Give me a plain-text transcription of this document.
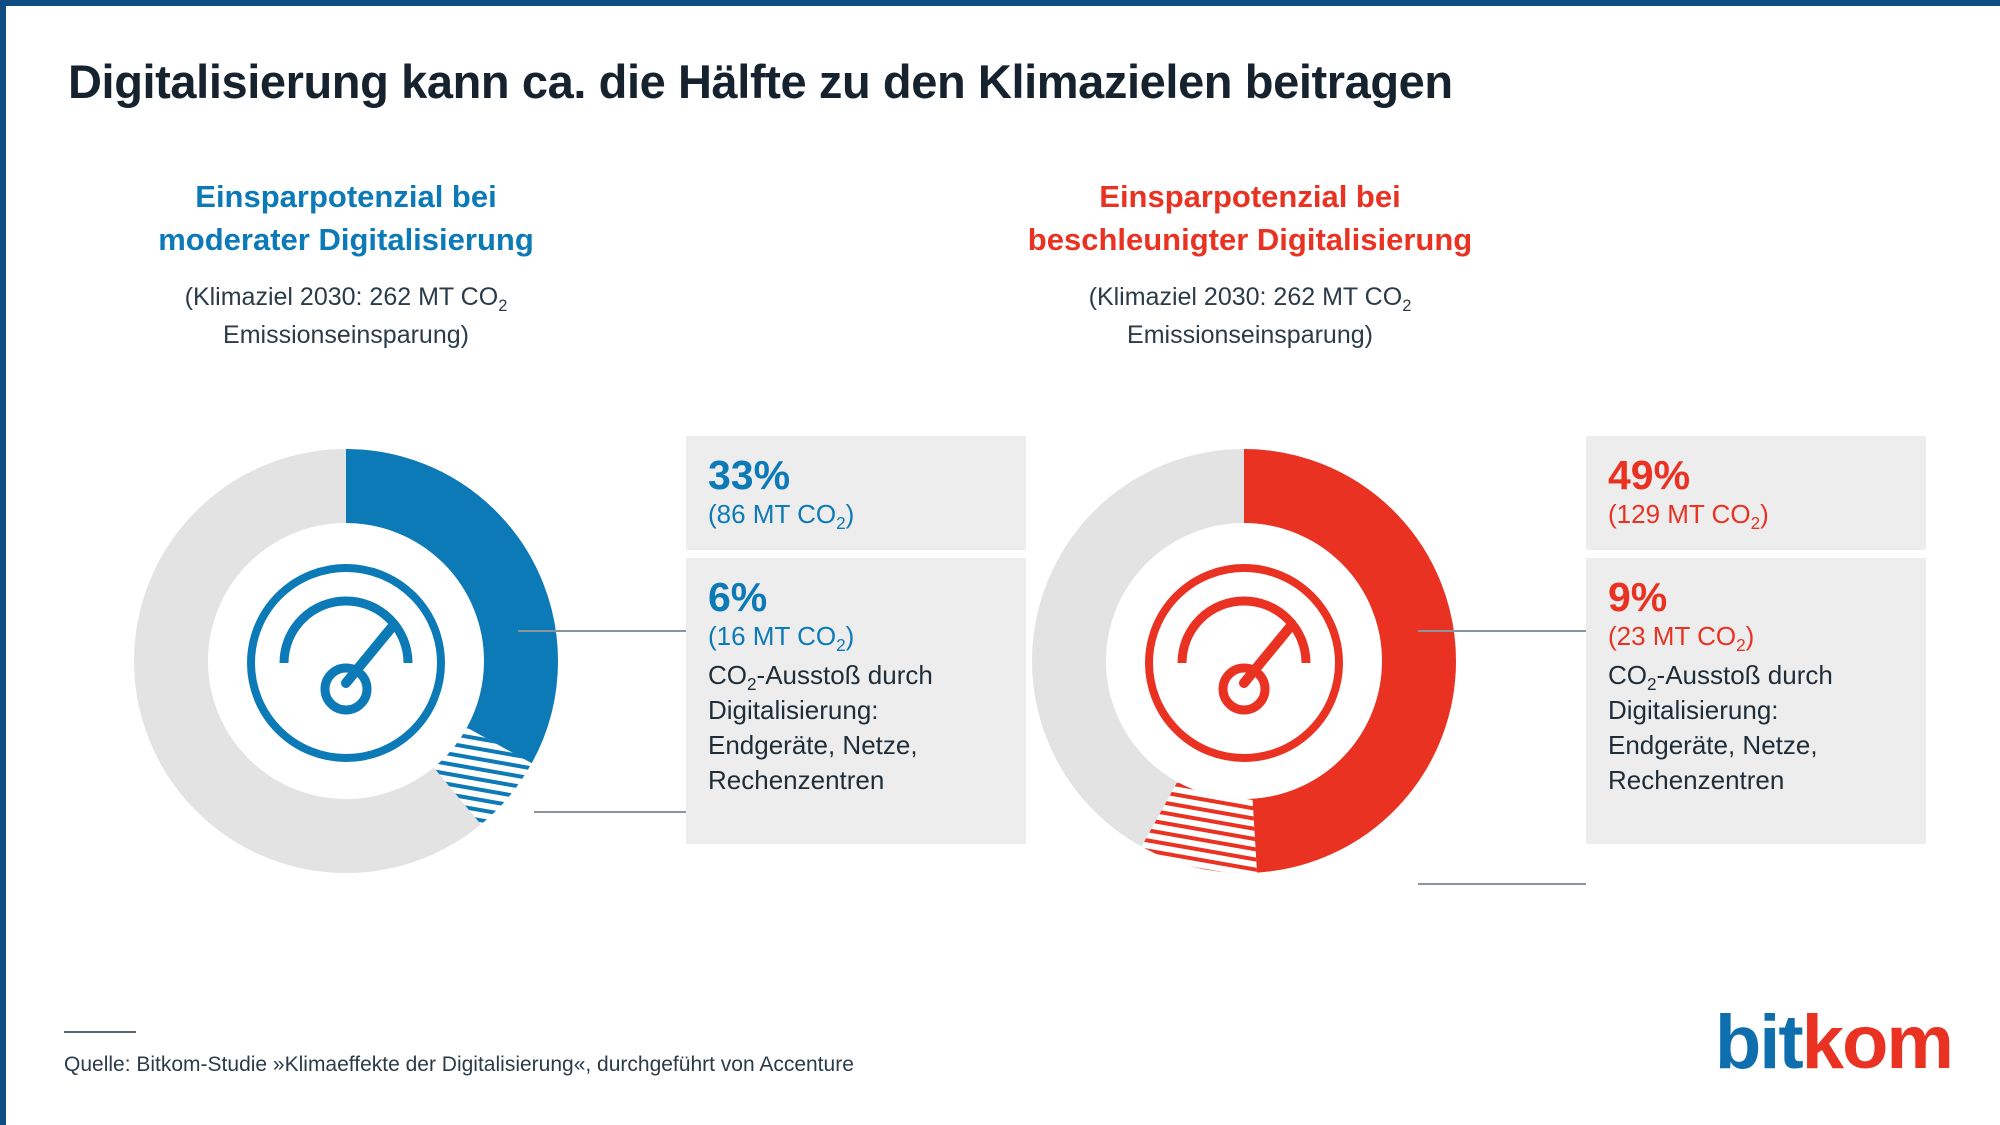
Digitalisierung kann ca. die Hälfte zu den Klimazielen beitragen
Einsparpotenzial bei
moderater Digitalisierung
(Klimaziel 2030: 262 MT $CO_2$
Emissionseinsparung)

33%

(86 MT $CO_2$)

6%

(16 MT $CO_2$)

$CO_2$-Ausstoß durch Digitalisierung: Endgeräte, Netze, Rechenzentren

Einsparpotenzial bei
beschleunigter Digitalisierung
(Klimaziel 2030: 262 MT $CO_2$
Emissionseinsparung)

49%

(129 MT $CO_2$)

9%

(23 MT $CO_2$)

$CO_2$-Ausstoß durch Digitalisierung: Endgeräte, Netze, Rechenzentren

Quelle: Bitkom-Studie »Klimaeffekte der Digitalisierung«, durchgeführt von Accenture	bitkom
